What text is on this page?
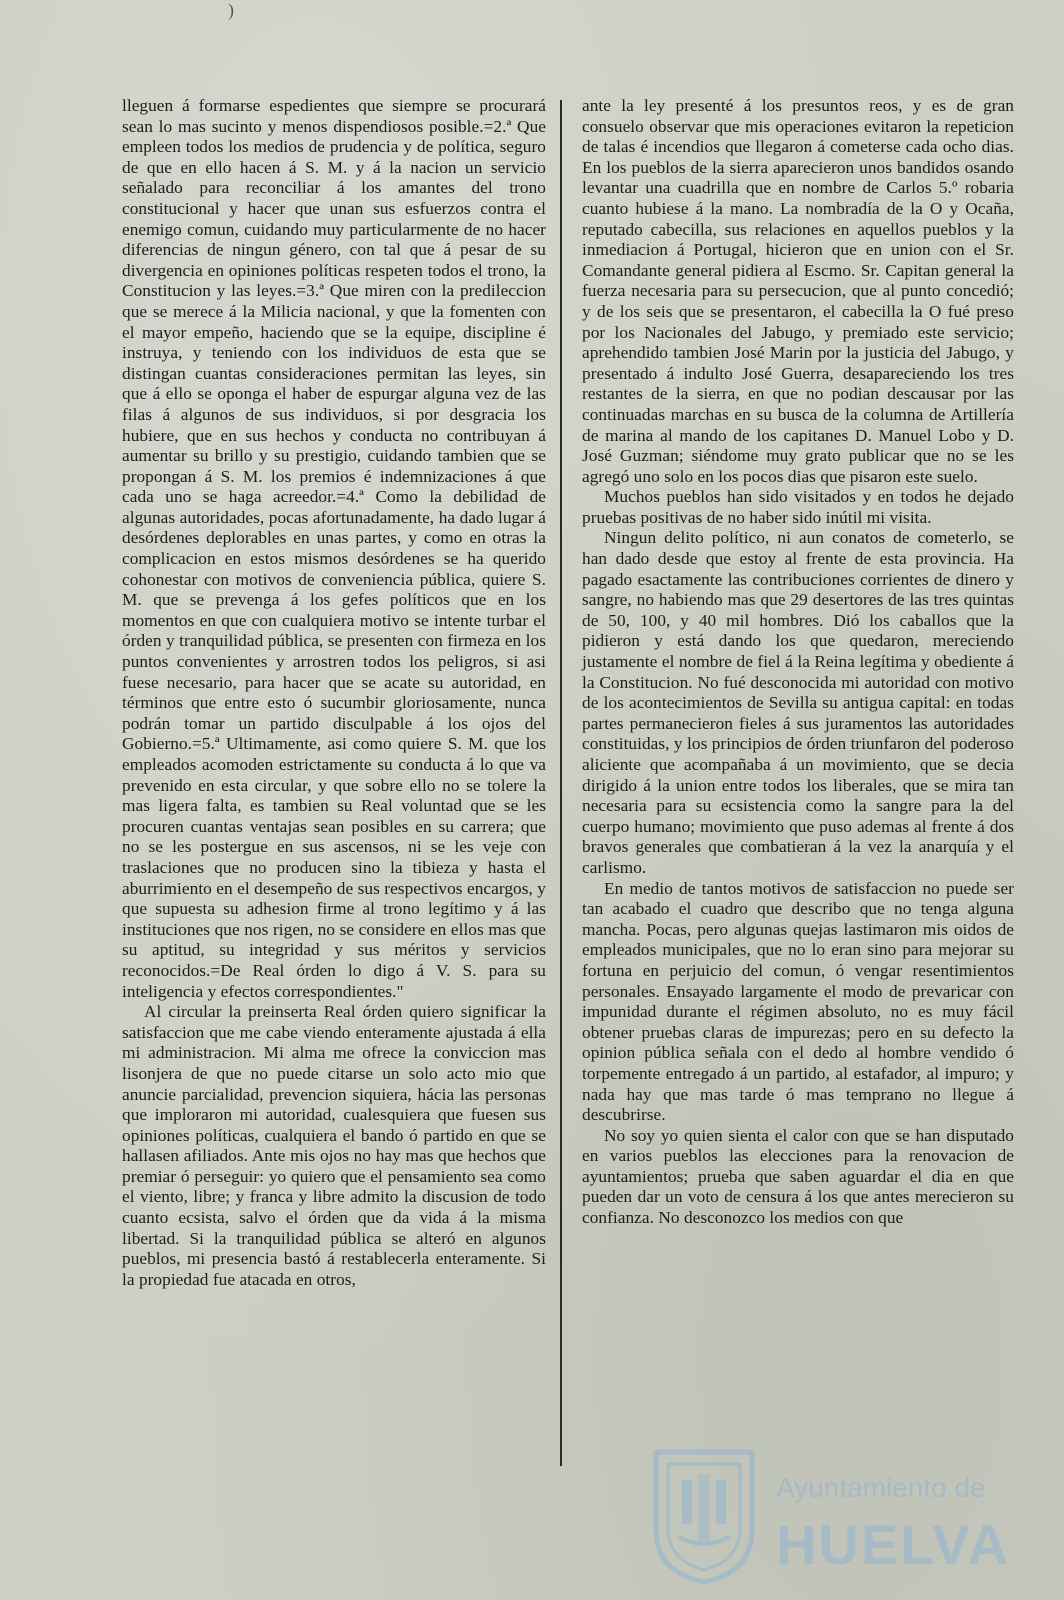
)

lleguen á formarse espedientes que siempre se procurará sean lo mas sucinto y menos dispendiosos posible.=2.ª Que empleen todos los medios de prudencia y de política, seguro de que en ello hacen á S. M. y á la nacion un servicio señalado para reconciliar á los amantes del trono constitucional y hacer que unan sus esfuerzos contra el enemigo comun, cuidando muy particularmente de no hacer diferencias de ningun género, con tal que á pesar de su divergencia en opiniones políticas respeten todos el trono, la Constitucion y las leyes.=3.ª Que miren con la predileccion que se merece á la Milicia nacional, y que la fomenten con el mayor empeño, haciendo que se la equipe, discipline é instruya, y teniendo con los individuos de esta que se distingan cuantas consideraciones permitan las leyes, sin que á ello se oponga el haber de espurgar alguna vez de las filas á algunos de sus individuos, si por desgracia los hubiere, que en sus hechos y conducta no contribuyan á aumentar su brillo y su prestigio, cuidando tambien que se propongan á S. M. los premios é indemnizaciones á que cada uno se haga acreedor.=4.ª Como la debilidad de algunas autoridades, pocas afortunadamente, ha dado lugar á desórdenes deplorables en unas partes, y como en otras la complicacion en estos mismos desórdenes se ha querido cohonestar con motivos de conveniencia pública, quiere S. M. que se prevenga á los gefes políticos que en los momentos en que con cualquiera motivo se intente turbar el órden y tranquilidad pública, se presenten con firmeza en los puntos convenientes y arrostren todos los peligros, si asi fuese necesario, para hacer que se acate su autoridad, en términos que entre esto ó sucumbir gloriosamente, nunca podrán tomar un partido disculpable á los ojos del Gobierno.=5.ª Ultimamente, asi como quiere S. M. que los empleados acomoden estrictamente su conducta á lo que va prevenido en esta circular, y que sobre ello no se tolere la mas ligera falta, es tambien su Real voluntad que se les procuren cuantas ventajas sean posibles en su carrera; que no se les postergue en sus ascensos, ni se les veje con traslaciones que no producen sino la tibieza y hasta el aburrimiento en el desempeño de sus respectivos encargos, y que supuesta su adhesion firme al trono legítimo y á las instituciones que nos rigen, no se considere en ellos mas que su aptitud, su integridad y sus méritos y servicios reconocidos.=De Real órden lo digo á V. S. para su inteligencia y efectos correspondientes."

Al circular la preinserta Real órden quiero significar la satisfaccion que me cabe viendo enteramente ajustada á ella mi administracion. Mi alma me ofrece la conviccion mas lisonjera de que no puede citarse un solo acto mio que anuncie parcialidad, prevencion siquiera, hácia las personas que imploraron mi autoridad, cualesquiera que fuesen sus opiniones políticas, cualquiera el bando ó partido en que se hallasen afiliados. Ante mis ojos no hay mas que hechos que premiar ó perseguir: yo quiero que el pensamiento sea como el viento, libre; y franca y libre admito la discusion de todo cuanto ecsista, salvo el órden que da vida á la misma libertad. Si la tranquilidad pública se alteró en algunos pueblos, mi presencia bastó á restablecerla enteramente. Si la propiedad fue atacada en otros,

ante la ley presenté á los presuntos reos, y es de gran consuelo observar que mis operaciones evitaron la repeticion de talas é incendios que llegaron á cometerse cada ocho dias. En los pueblos de la sierra aparecieron unos bandidos osando levantar una cuadrilla que en nombre de Carlos 5.º robaria cuanto hubiese á la mano. La nombradía de la O y Ocaña, reputado cabecilla, sus relaciones en aquellos pueblos y la inmediacion á Portugal, hicieron que en union con el Sr. Comandante general pidiera al Escmo. Sr. Capitan general la fuerza necesaria para su persecucion, que al punto concedió; y de los seis que se presentaron, el cabecilla la O fué preso por los Nacionales del Jabugo, y premiado este servicio; aprehendido tambien José Marin por la justicia del Jabugo, y presentado á indulto José Guerra, desapareciendo los tres restantes de la sierra, en que no podian descausar por las continuadas marchas en su busca de la columna de Artillería de marina al mando de los capitanes D. Manuel Lobo y D. José Guzman; siéndome muy grato publicar que no se les agregó uno solo en los pocos dias que pisaron este suelo.

Muchos pueblos han sido visitados y en todos he dejado pruebas positivas de no haber sido inútil mi visita.

Ningun delito político, ni aun conatos de cometerlo, se han dado desde que estoy al frente de esta provincia. Ha pagado esactamente las contribuciones corrientes de dinero y sangre, no habiendo mas que 29 desertores de las tres quintas de 50, 100, y 40 mil hombres. Dió los caballos que la pidieron y está dando los que quedaron, mereciendo justamente el nombre de fiel á la Reina legítima y obediente á la Constitucion. No fué desconocida mi autoridad con motivo de los acontecimientos de Sevilla su antigua capital: en todas partes permanecieron fieles á sus juramentos las autoridades constituidas, y los principios de órden triunfaron del poderoso aliciente que acompañaba á un movimiento, que se decia dirigido á la union entre todos los liberales, que se mira tan necesaria para su ecsistencia como la sangre para la del cuerpo humano; movimiento que puso ademas al frente á dos bravos generales que combatieran á la vez la anarquía y el carlismo.

En medio de tantos motivos de satisfaccion no puede ser tan acabado el cuadro que describo que no tenga alguna mancha. Pocas, pero algunas quejas lastimaron mis oidos de empleados municipales, que no lo eran sino para mejorar su fortuna en perjuicio del comun, ó vengar resentimientos personales. Ensayado largamente el modo de prevaricar con impunidad durante el régimen absoluto, no es muy fácil obtener pruebas claras de impurezas; pero en su defecto la opinion pública señala con el dedo al hombre vendido ó torpemente entregado á un partido, al estafador, al impuro; y nada hay que mas tarde ó mas temprano no llegue á descubrirse.

No soy yo quien sienta el calor con que se han disputado en varios pueblos las elecciones para la renovacion de ayuntamientos; prueba que saben aguardar el dia en que pueden dar un voto de censura á los que antes merecieron su confianza. No desconozco los medios con que

Ayuntamiento de
HUELVA
